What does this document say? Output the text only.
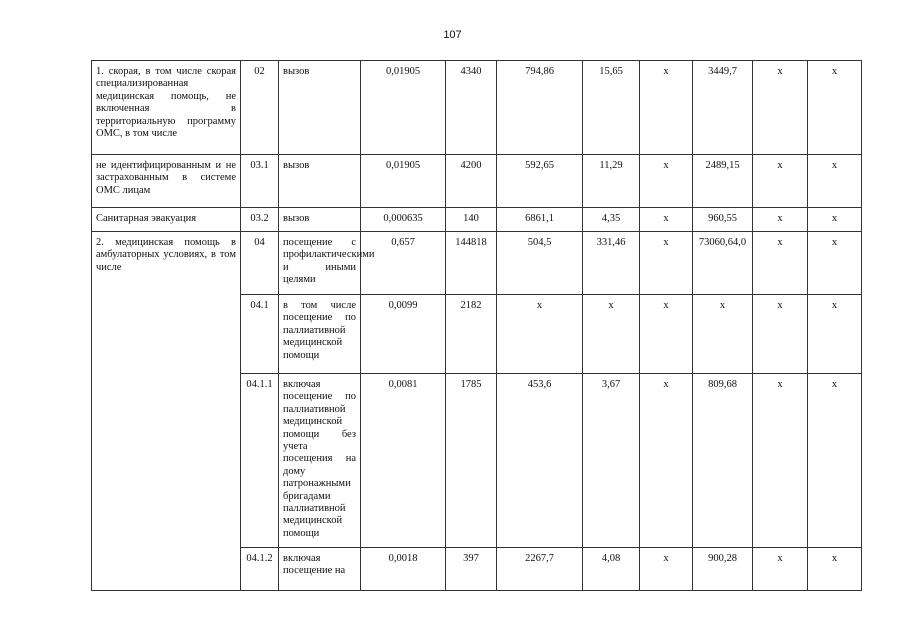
107
1. скорая, в том числе скорая специализированная медицинская помощь, не включенная в территориальную программу ОМС, в том числе	02	вызов	0,01905	4340	794,86	15,65	х	3449,7	х	х
не идентифицированным и не застрахованным в системе ОМС лицам	03.1	вызов	0,01905	4200	592,65	11,29	х	2489,15	х	х
Санитарная эвакуация	03.2	вызов	0,000635	140	6861,1	4,35	х	960,55	х	х
2. медицинская помощь в амбулаторных условиях, в том числе	04	посещение с профилактическими и иными целями	0,657	144818	504,5	331,46	х	73060,64,0	х	х
	04.1	в том числе посещение по паллиативной медицинской помощи	0,0099	2182	х	х	х	х	х	х
	04.1.1	включая посещение по паллиативной медицинской помощи без учета посещения на дому патронажными бригадами паллиативной медицинской помощи	0,0081	1785	453,6	3,67	х	809,68	х	х
	04.1.2	включая посещение на	0,0018	397	2267,7	4,08	х	900,28	х	х
